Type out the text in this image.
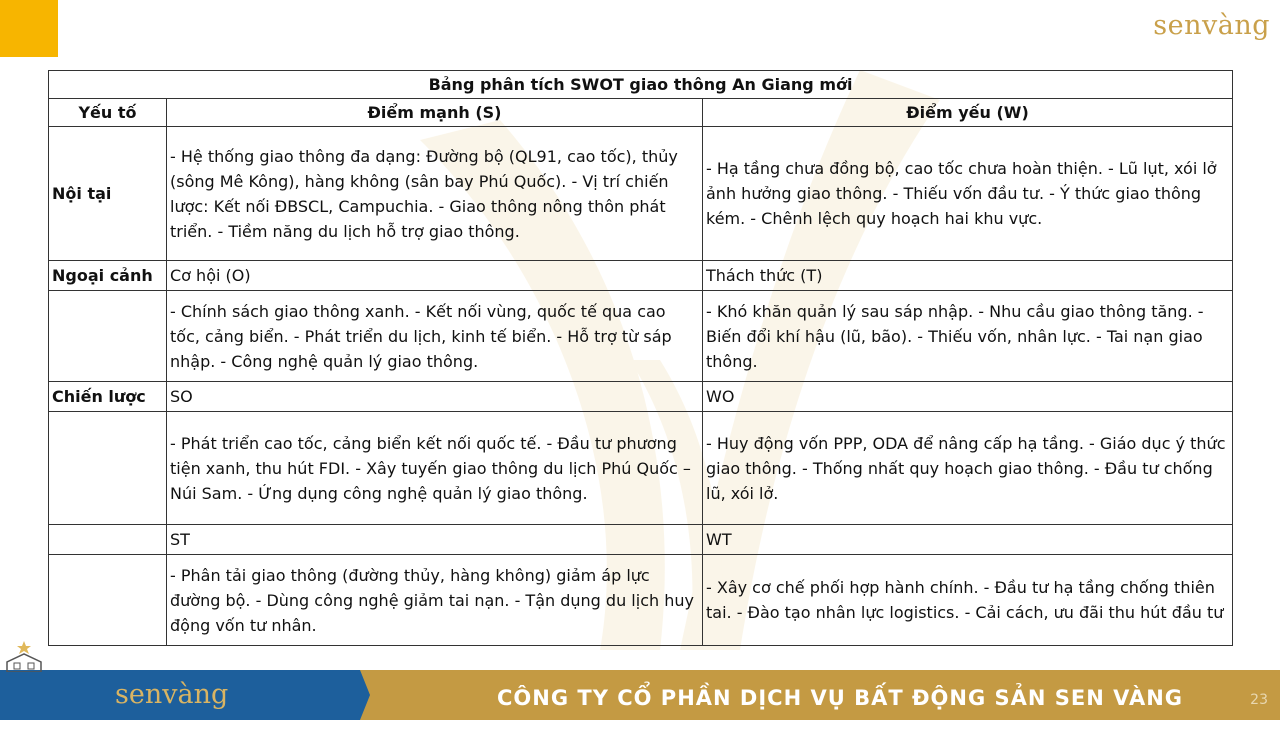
senvàng
Bảng phân tích SWOT giao thông An Giang mới		
Yếu tố	Điểm mạnh (S)	Điểm yếu (W)
Nội tại	- Hệ thống giao thông đa dạng: Đường bộ (QL91, cao tốc), thủy (sông Mê Kông), hàng không (sân bay Phú Quốc). - Vị trí chiến lược: Kết nối ĐBSCL, Campuchia. - Giao thông nông thôn phát triển. - Tiềm năng du lịch hỗ trợ giao thông.	- Hạ tầng chưa đồng bộ, cao tốc chưa hoàn thiện. - Lũ lụt, xói lở ảnh hưởng giao thông. - Thiếu vốn đầu tư. - Ý thức giao thông kém. - Chênh lệch quy hoạch hai khu vực.
Ngoại cảnh	Cơ hội (O)	Thách thức (T)
	- Chính sách giao thông xanh. - Kết nối vùng, quốc tế qua cao tốc, cảng biển. - Phát triển du lịch, kinh tế biển. - Hỗ trợ từ sáp nhập. - Công nghệ quản lý giao thông.	- Khó khăn quản lý sau sáp nhập. - Nhu cầu giao thông tăng. - Biến đổi khí hậu (lũ, bão). - Thiếu vốn, nhân lực. - Tai nạn giao thông.
Chiến lược	SO	WO
	- Phát triển cao tốc, cảng biển kết nối quốc tế. - Đầu tư phương tiện xanh, thu hút FDI. - Xây tuyến giao thông du lịch Phú Quốc – Núi Sam. - Ứng dụng công nghệ quản lý giao thông.	- Huy động vốn PPP, ODA để nâng cấp hạ tầng. - Giáo dục ý thức giao thông. - Thống nhất quy hoạch giao thông. - Đầu tư chống lũ, xói lở.
	ST	WT
	- Phân tải giao thông (đường thủy, hàng không) giảm áp lực đường bộ. - Dùng công nghệ giảm tai nạn. - Tận dụng du lịch huy động vốn tư nhân.	- Xây cơ chế phối hợp hành chính. - Đầu tư hạ tầng chống thiên tai. - Đào tạo nhân lực logistics. - Cải cách, ưu đãi thu hút đầu tư
senvàng	CÔNG TY CỔ PHẦN DỊCH VỤ BẤT ĐỘNG SẢN SEN VÀNG	23
